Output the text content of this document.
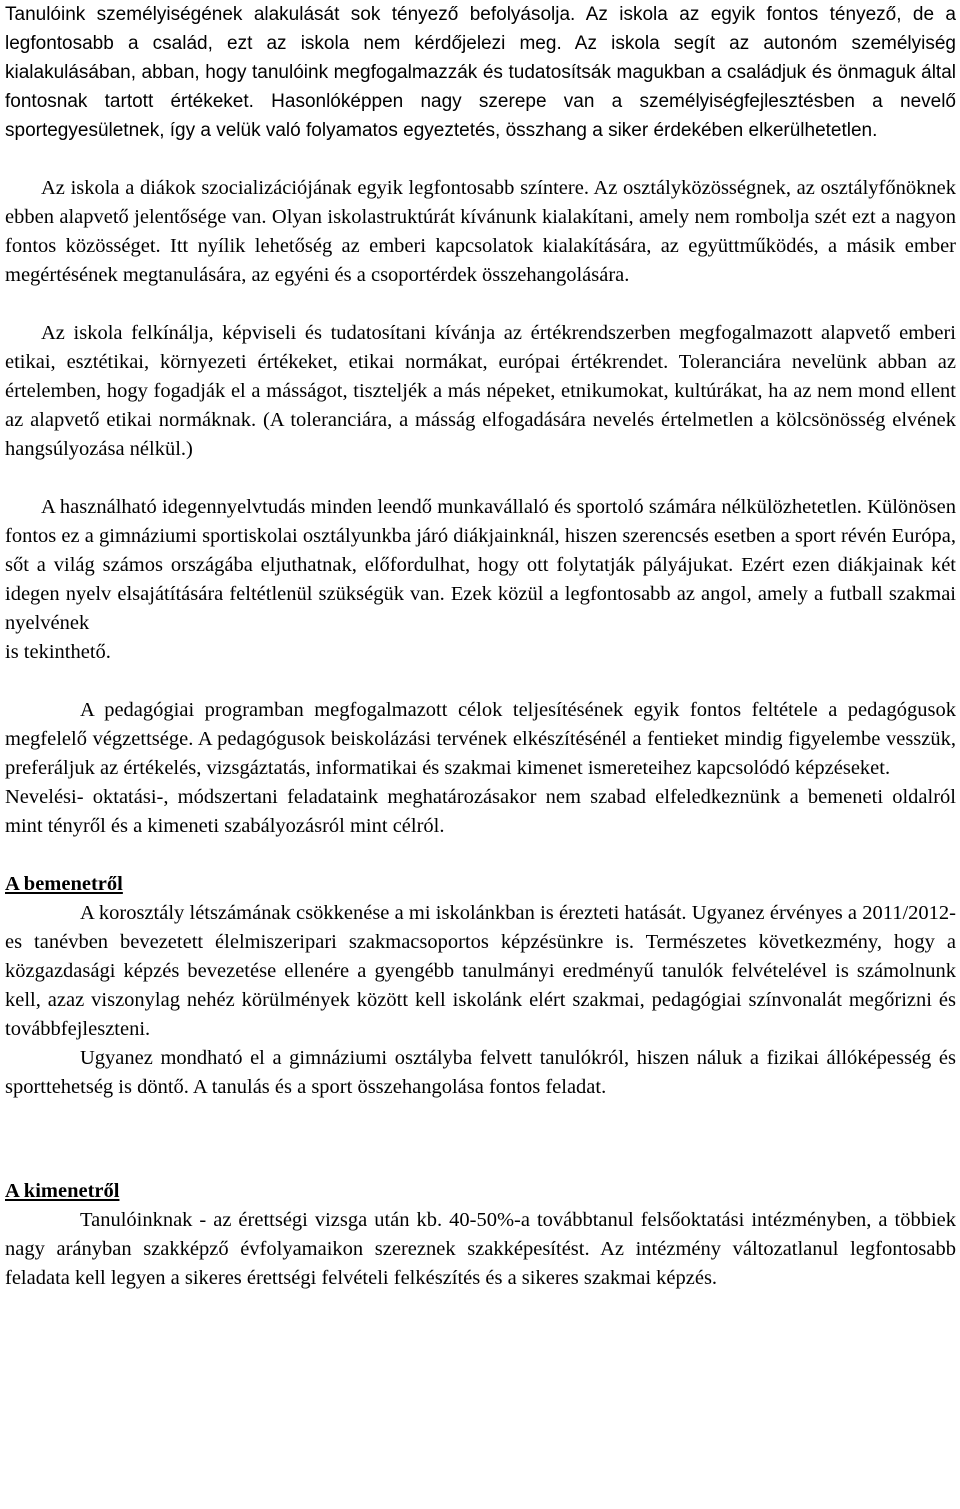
Tanulóink személyiségének alakulását sok tényező befolyásolja. Az iskola az egyik fontos tényező, de a legfontosabb a család, ezt az iskola nem kérdőjelezi meg. Az iskola segít az autonóm személyiség kialakulásában, abban, hogy tanulóink megfogalmazzák és tudatosítsák magukban a családjuk és önmaguk által fontosnak tartott értékeket. Hasonlóképpen nagy szerepe van a személyiségfejlesztésben a nevelő sportegyesületnek, így a velük való folyamatos egyeztetés, összhang a siker érdekében elkerülhetetlen.

Az iskola a diákok szocializációjának egyik legfontosabb színtere. Az osztályközösségnek, az osztályfőnöknek ebben alapvető jelentősége van. Olyan iskolastruktúrát kívánunk kialakítani, amely nem rombolja szét ezt a nagyon fontos közösséget. Itt nyílik lehetőség az emberi kapcsolatok kialakítására, az együttműködés, a másik ember megértésének megtanulására, az egyéni és a csoportérdek összehangolására.

Az iskola felkínálja, képviseli és tudatosítani kívánja az értékrendszerben megfogalmazott alapvető emberi etikai, esztétikai, környezeti értékeket, etikai normákat, európai értékrendet. Toleranciára nevelünk abban az értelemben, hogy fogadják el a másságot, tiszteljék a más népeket, etnikumokat, kultúrákat, ha az nem mond ellent az alapvető etikai normáknak. (A toleranciára, a másság elfogadására nevelés értelmetlen a kölcsönösség elvének hangsúlyozása nélkül.)

A használható idegennyelvtudás minden leendő munkavállaló és sportoló számára nélkülözhetetlen. Különösen fontos ez a gimnáziumi sportiskolai osztályunkba járó diákjainknál, hiszen szerencsés esetben a sport révén Európa, sőt a világ számos országába eljuthatnak, előfordulhat, hogy ott folytatják pályájukat. Ezért ezen diákjainak két idegen nyelv elsajátítására feltétlenül szükségük van. Ezek közül a legfontosabb az angol, amely a futball szakmai nyelvének

is tekinthető.

A pedagógiai programban megfogalmazott célok teljesítésének egyik fontos feltétele a pedagógusok megfelelő végzettsége. A pedagógusok beiskolázási tervének elkészítésénél a fentieket mindig figyelembe vesszük, preferáljuk az értékelés, vizsgáztatás, informatikai és szakmai kimenet ismereteihez kapcsolódó képzéseket.

Nevelési- oktatási-, módszertani feladataink meghatározásakor nem szabad elfeledkeznünk a bemeneti oldalról mint tényről és a kimeneti szabályozásról mint célról.

A bemenetről

A korosztály létszámának csökkenése a mi iskolánkban is érezteti hatását. Ugyanez érvényes a 2011/2012-es tanévben bevezetett élelmiszeripari szakmacsoportos képzésünkre is. Természetes következmény, hogy a közgazdasági képzés bevezetése ellenére a gyengébb tanulmányi eredményű tanulók felvételével is számolnunk kell, azaz viszonylag nehéz körülmények között kell iskolánk elért szakmai, pedagógiai színvonalát megőrizni és továbbfejleszteni.

Ugyanez mondható el a gimnáziumi osztályba felvett tanulókról, hiszen náluk a fizikai állóképesség és sporttehetség is döntő. A tanulás és a sport összehangolása fontos feladat.

A kimenetről

Tanulóinknak - az érettségi vizsga után kb. 40-50%-a továbbtanul felsőoktatási intézményben, a többiek nagy arányban szakképző évfolyamaikon szereznek szakképesítést. Az intézmény változatlanul legfontosabb feladata kell legyen a sikeres érettségi felvételi felkészítés és a sikeres szakmai képzés.
